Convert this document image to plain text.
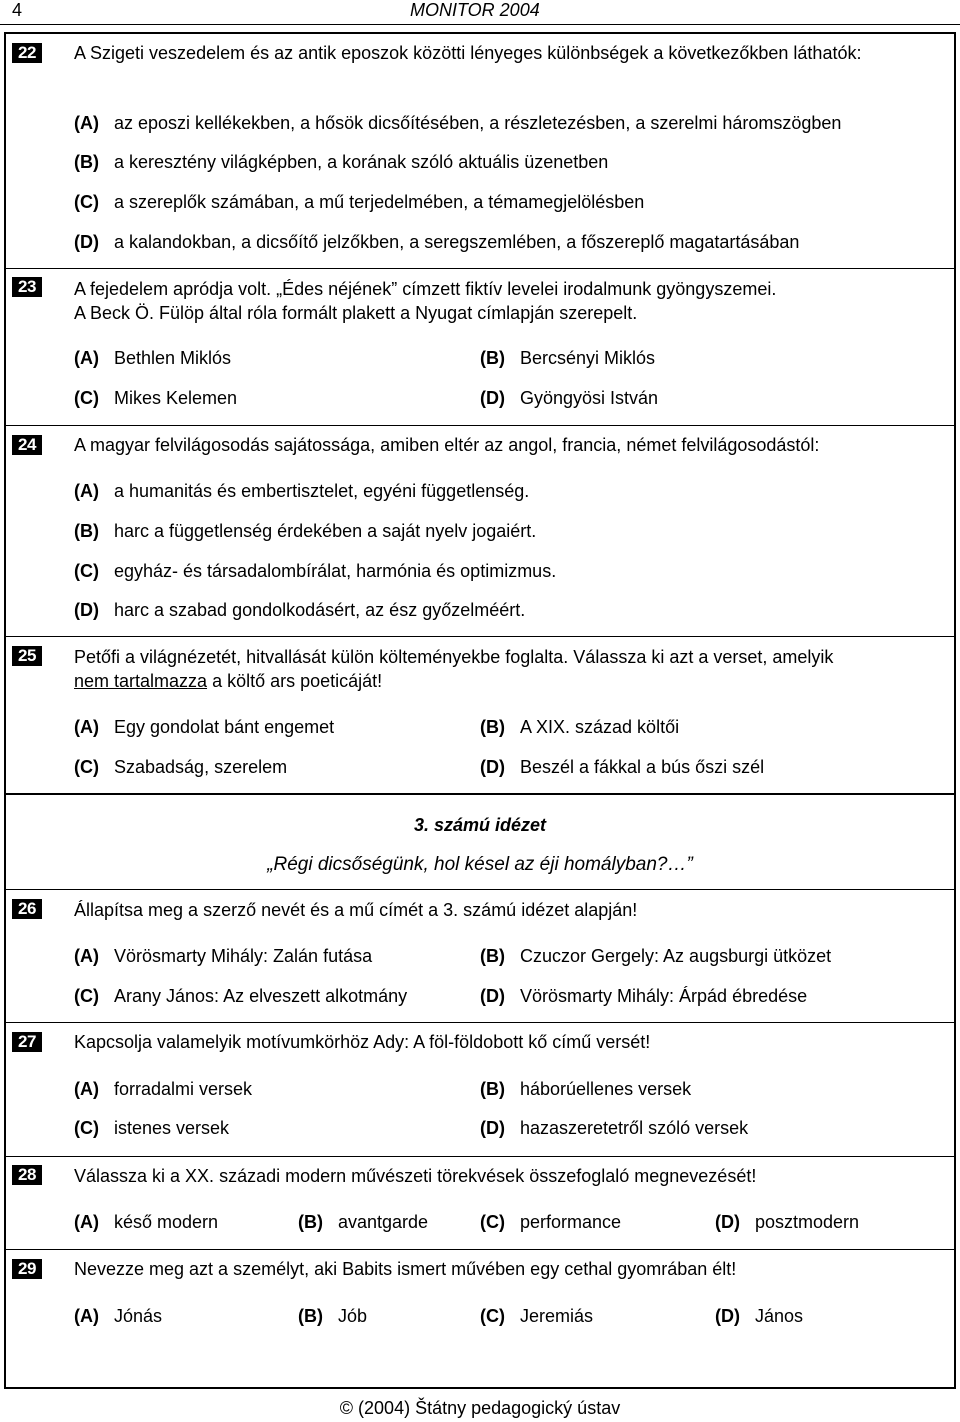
4	MONITOR 2004
22	A Szigeti veszedelem és az antik eposzok közötti lényeges különbségek a következőkben láthatók:
(A) az eposzi kellékekben, a hősök dicsőítésében, a részletezésben, a szerelmi háromszögben
(B) a keresztény világképben, a korának szóló aktuális üzenetben
(C) a szereplők számában, a mű terjedelmében, a témamegjelölésben
(D) a kalandokban, a dicsőítő jelzőkben, a seregszemlében, a főszereplő magatartásában
23	A fejedelem apródja volt. „Édes néjének” címzett fiktív levelei irodalmunk gyöngyszemei.
A Beck Ö. Fülöp által róla formált plakett a Nyugat címlapján szerepelt.
(A) Bethlen Miklós	(B) Bercsényi Miklós
(C) Mikes Kelemen	(D) Gyöngyösi István
24	A magyar felvilágosodás sajátossága, amiben eltér az angol, francia, német felvilágosodástól:
(A) a humanitás és embertisztelet, egyéni függetlenség.
(B) harc a függetlenség érdekében a saját nyelv jogaiért.
(C) egyház- és társadalombírálat, harmónia és optimizmus.
(D) harc a szabad gondolkodásért, az ész győzelméért.
25	Petőfi a világnézetét, hitvallását külön költeményekbe foglalta. Válassza ki azt a verset, amelyik
nem tartalmazza a költő ars poeticáját!
(A) Egy gondolat bánt engemet	(B) A XIX. század költői
(C) Szabadság, szerelem	(D) Beszél a fákkal a bús őszi szél
3. számú idézet
„Régi dicsőségünk, hol késel az éji homályban?…”
26	Állapítsa meg a szerző nevét és a mű címét a 3. számú idézet alapján!
(A) Vörösmarty Mihály: Zalán futása	(B) Czuczor Gergely: Az augsburgi ütközet
(C) Arany János: Az elveszett alkotmány	(D) Vörösmarty Mihály: Árpád ébredése
27	Kapcsolja valamelyik motívumkörhöz Ady: A föl-földobott kő című versét!
(A) forradalmi versek	(B) háborúellenes versek
(C) istenes versek	(D) hazaszeretetről szóló versek
28	Válassza ki a XX. századi modern művészeti törekvések összefoglaló megnevezését!
(A) késő modern	(B) avantgarde	(C) performance	(D) posztmodern
29	Nevezze meg azt a személyt, aki Babits ismert művében egy cethal gyomrában élt!
(A) Jónás	(B) Jób	(C) Jeremiás	(D) János
© (2004) Štátny pedagogický ústav
